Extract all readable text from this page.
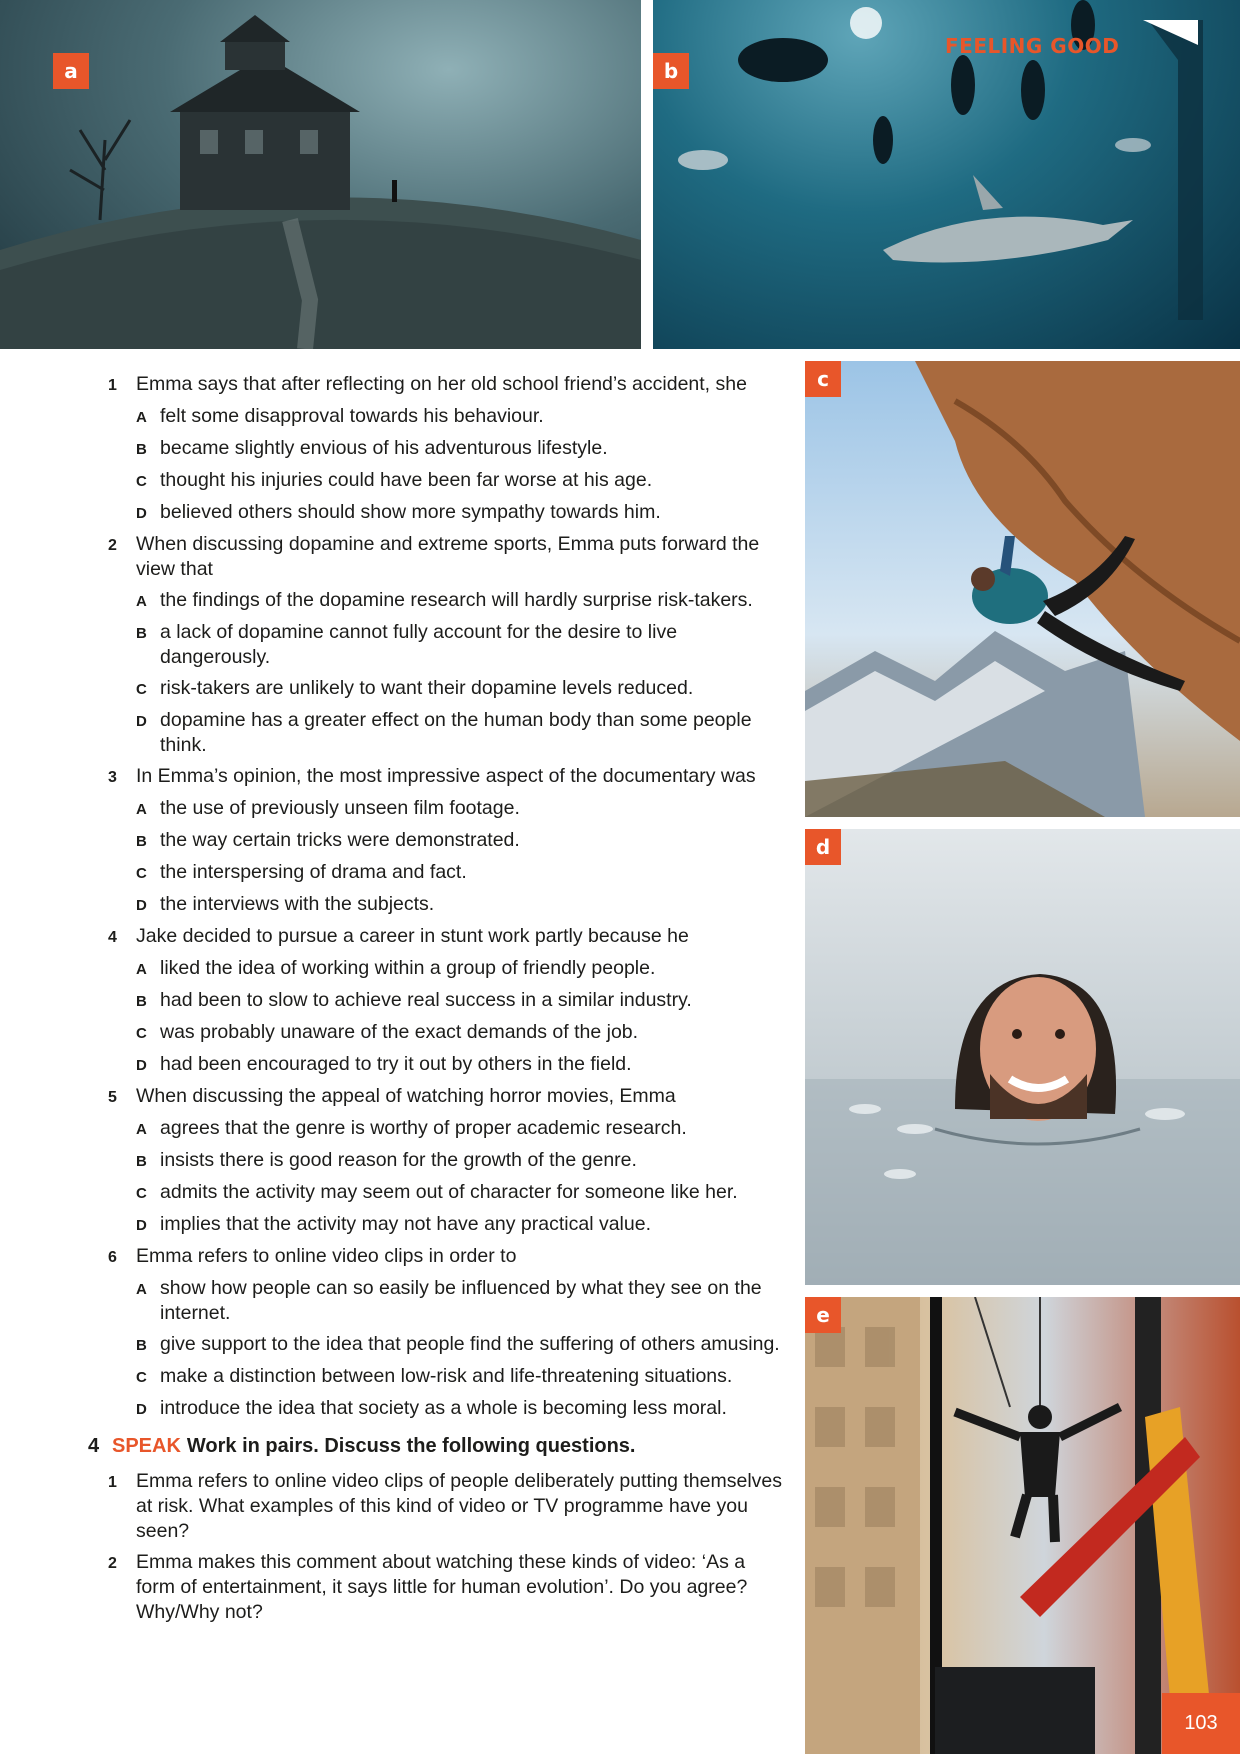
a	b
FEELING GOOD
c
d
e
1 Emma says that after reflecting on her old school friend’s accident, she
A felt some disapproval towards his behaviour.
B became slightly envious of his adventurous lifestyle.
C thought his injuries could have been far worse at his age.
D believed others should show more sympathy towards him.
2 When discussing dopamine and extreme sports, Emma puts forward the view that
A the findings of the dopamine research will hardly surprise risk-takers.
B a lack of dopamine cannot fully account for the desire to live dangerously.
C risk-takers are unlikely to want their dopamine levels reduced.
D dopamine has a greater effect on the human body than some people think.
3 In Emma’s opinion, the most impressive aspect of the documentary was
A the use of previously unseen film footage.
B the way certain tricks were demonstrated.
C the interspersing of drama and fact.
D the interviews with the subjects.
4 Jake decided to pursue a career in stunt work partly because he
A liked the idea of working within a group of friendly people.
B had been to slow to achieve real success in a similar industry.
C was probably unaware of the exact demands of the job.
D had been encouraged to try it out by others in the field.
5 When discussing the appeal of watching horror movies, Emma
A agrees that the genre is worthy of proper academic research.
B insists there is good reason for the growth of the genre.
C admits the activity may seem out of character for someone like her.
D implies that the activity may not have any practical value.
6 Emma refers to online video clips in order to
A show how people can so easily be influenced by what they see on the internet.
B give support to the idea that people find the suffering of others amusing.
C make a distinction between low-risk and life-threatening situations.
D introduce the idea that society as a whole is becoming less moral.
4 SPEAK Work in pairs. Discuss the following questions.
1 Emma refers to online video clips of people deliberately putting themselves at risk. What examples of this kind of video or TV programme have you seen?
2 Emma makes this comment about watching these kinds of video: ‘As a form of entertainment, it says little for human evolution’. Do you agree? Why/Why not?
103
